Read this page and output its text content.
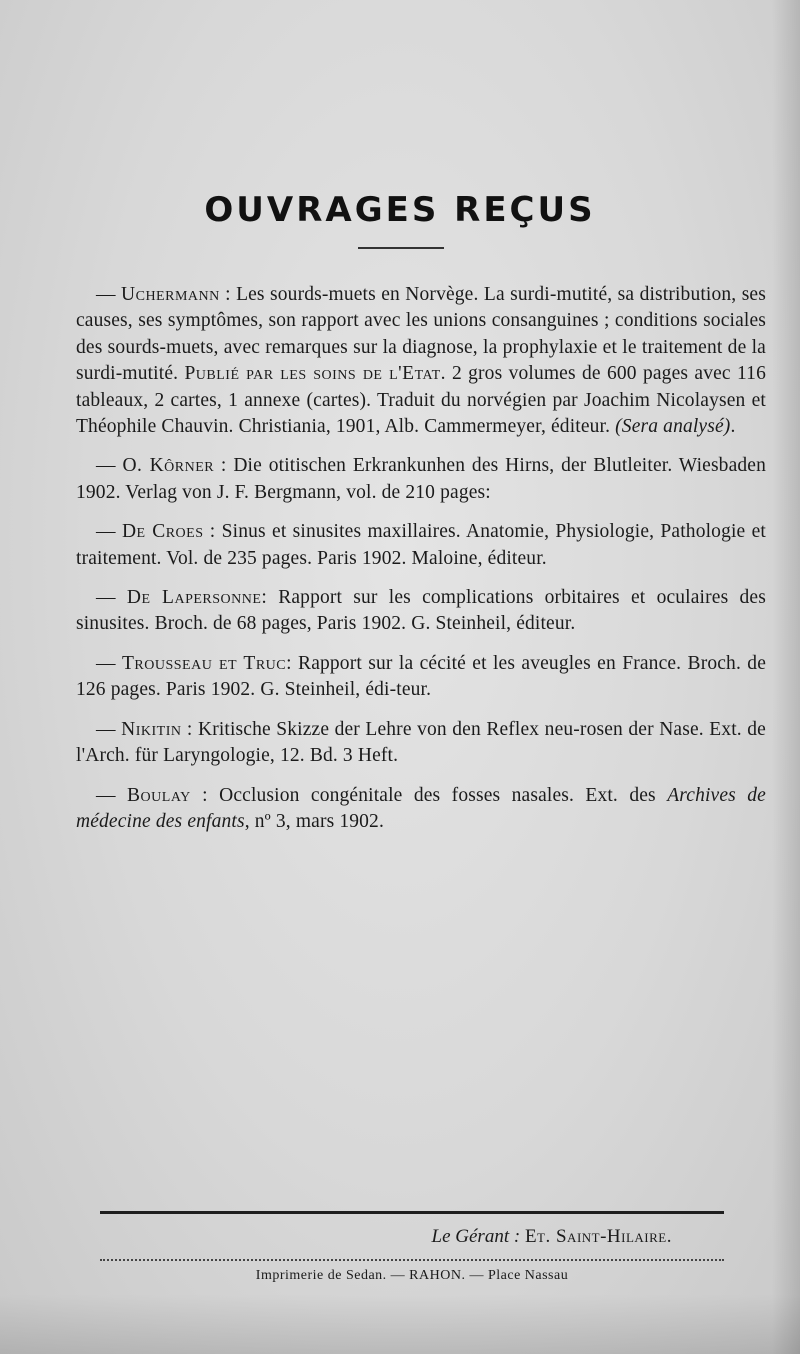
OUVRAGES REÇUS

— Uchermann : Les sourds-muets en Norvège. La surdi-mutité, sa distribution, ses causes, ses symptômes, son rapport avec les unions consanguines ; conditions sociales des sourds-muets, avec remarques sur la diagnose, la prophylaxie et le traitement de la surdi-mutité. Publié par les soins de l'Etat. 2 gros volumes de 600 pages avec 116 tableaux, 2 cartes, 1 annexe (cartes). Traduit du norvégien par Joachim Nicolaysen et Théophile Chauvin. Christiania, 1901, Alb. Cammermeyer, éditeur. (Sera analysé).

— O. Kôrner : Die otitischen Erkrankunhen des Hirns, der Blutleiter. Wiesbaden 1902. Verlag von J. F. Bergmann, vol. de 210 pages:

— De Croes : Sinus et sinusites maxillaires. Anatomie, Physiologie, Pathologie et traitement. Vol. de 235 pages. Paris 1902. Maloine, éditeur.

— De Lapersonne: Rapport sur les complications orbitaires et oculaires des sinusites. Broch. de 68 pages, Paris 1902. G. Steinheil, éditeur.

— Trousseau et Truc: Rapport sur la cécité et les aveugles en France. Broch. de 126 pages. Paris 1902. G. Steinheil, édi-teur.

— Nikitin : Kritische Skizze der Lehre von den Reflex neu-rosen der Nase. Ext. de l'Arch. für Laryngologie, 12. Bd. 3 Heft.

— Boulay : Occlusion congénitale des fosses nasales. Ext. des Archives de médecine des enfants, nº 3, mars 1902.

Le Gérant : Et. Saint-Hilaire.
Imprimerie de Sedan. — RAHON. — Place Nassau
